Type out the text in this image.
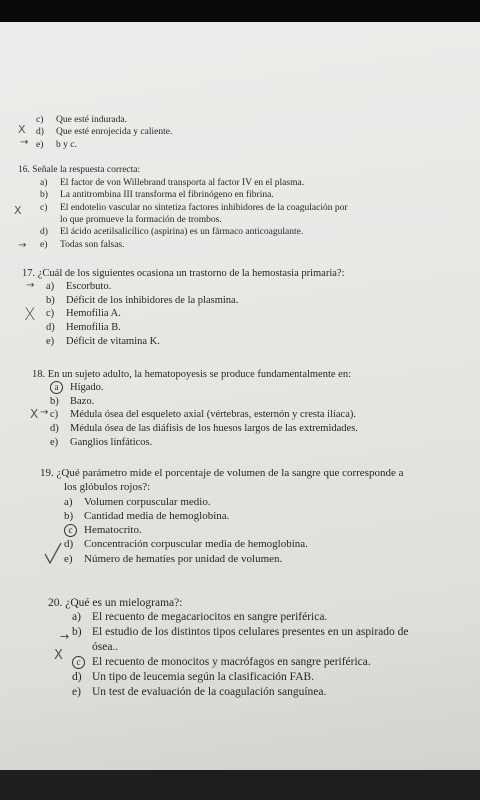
c) Que esté indurada.
d) Que esté enrojecida y caliente.
e) b y c.
X
→
16. Señale la respuesta correcta:
a) El factor de von Willebrand transporta al factor IV en el plasma.
b) La antitrombina III transforma el fibrinógeno en fibrina.
c) El endotelio vascular no sintetiza factores inhibidores de la coagulación por
lo que promueve la formación de trombos.
d) El ácido acetilsalicílico (aspirina) es un fármaco anticoagulante.
e) Todas son falsas.
X
→
17. ¿Cuál de los siguientes ocasiona un trastorno de la hemostasia primaria?:
a) Escorbuto.
b) Déficit de los inhibidores de la plasmina.
c) Hemofilia A.
d) Hemofilia B.
e) Déficit de vitamina K.
→
X
18. En un sujeto adulto, la hematopoyesis se produce fundamentalmente en:
a Hígado.
b) Bazo.
c) Médula ósea del esqueleto axial (vértebras, esternón y cresta ilíaca).
d) Médula ósea de las diáfisis de los huesos largos de las extremidades.
e) Ganglios linfáticos.
X →
19. ¿Qué parámetro mide el porcentaje de volumen de la sangre que corresponde a
los glóbulos rojos?:
a) Volumen corpuscular medio.
b) Cantidad media de hemoglobina.
c Hematocrito.
d) Concentración corpuscular media de hemoglobina.
e) Número de hematíes por unidad de volumen.
20. ¿Qué es un mielograma?:
a) El recuento de megacariocitos en sangre periférica.
b) El estudio de los distintos tipos celulares presentes en un aspirado de
ósea..
c El recuento de monocitos y macrófagos en sangre periférica.
d) Un tipo de leucemia según la clasificación FAB.
e) Un test de evaluación de la coagulación sanguínea.
→
X
